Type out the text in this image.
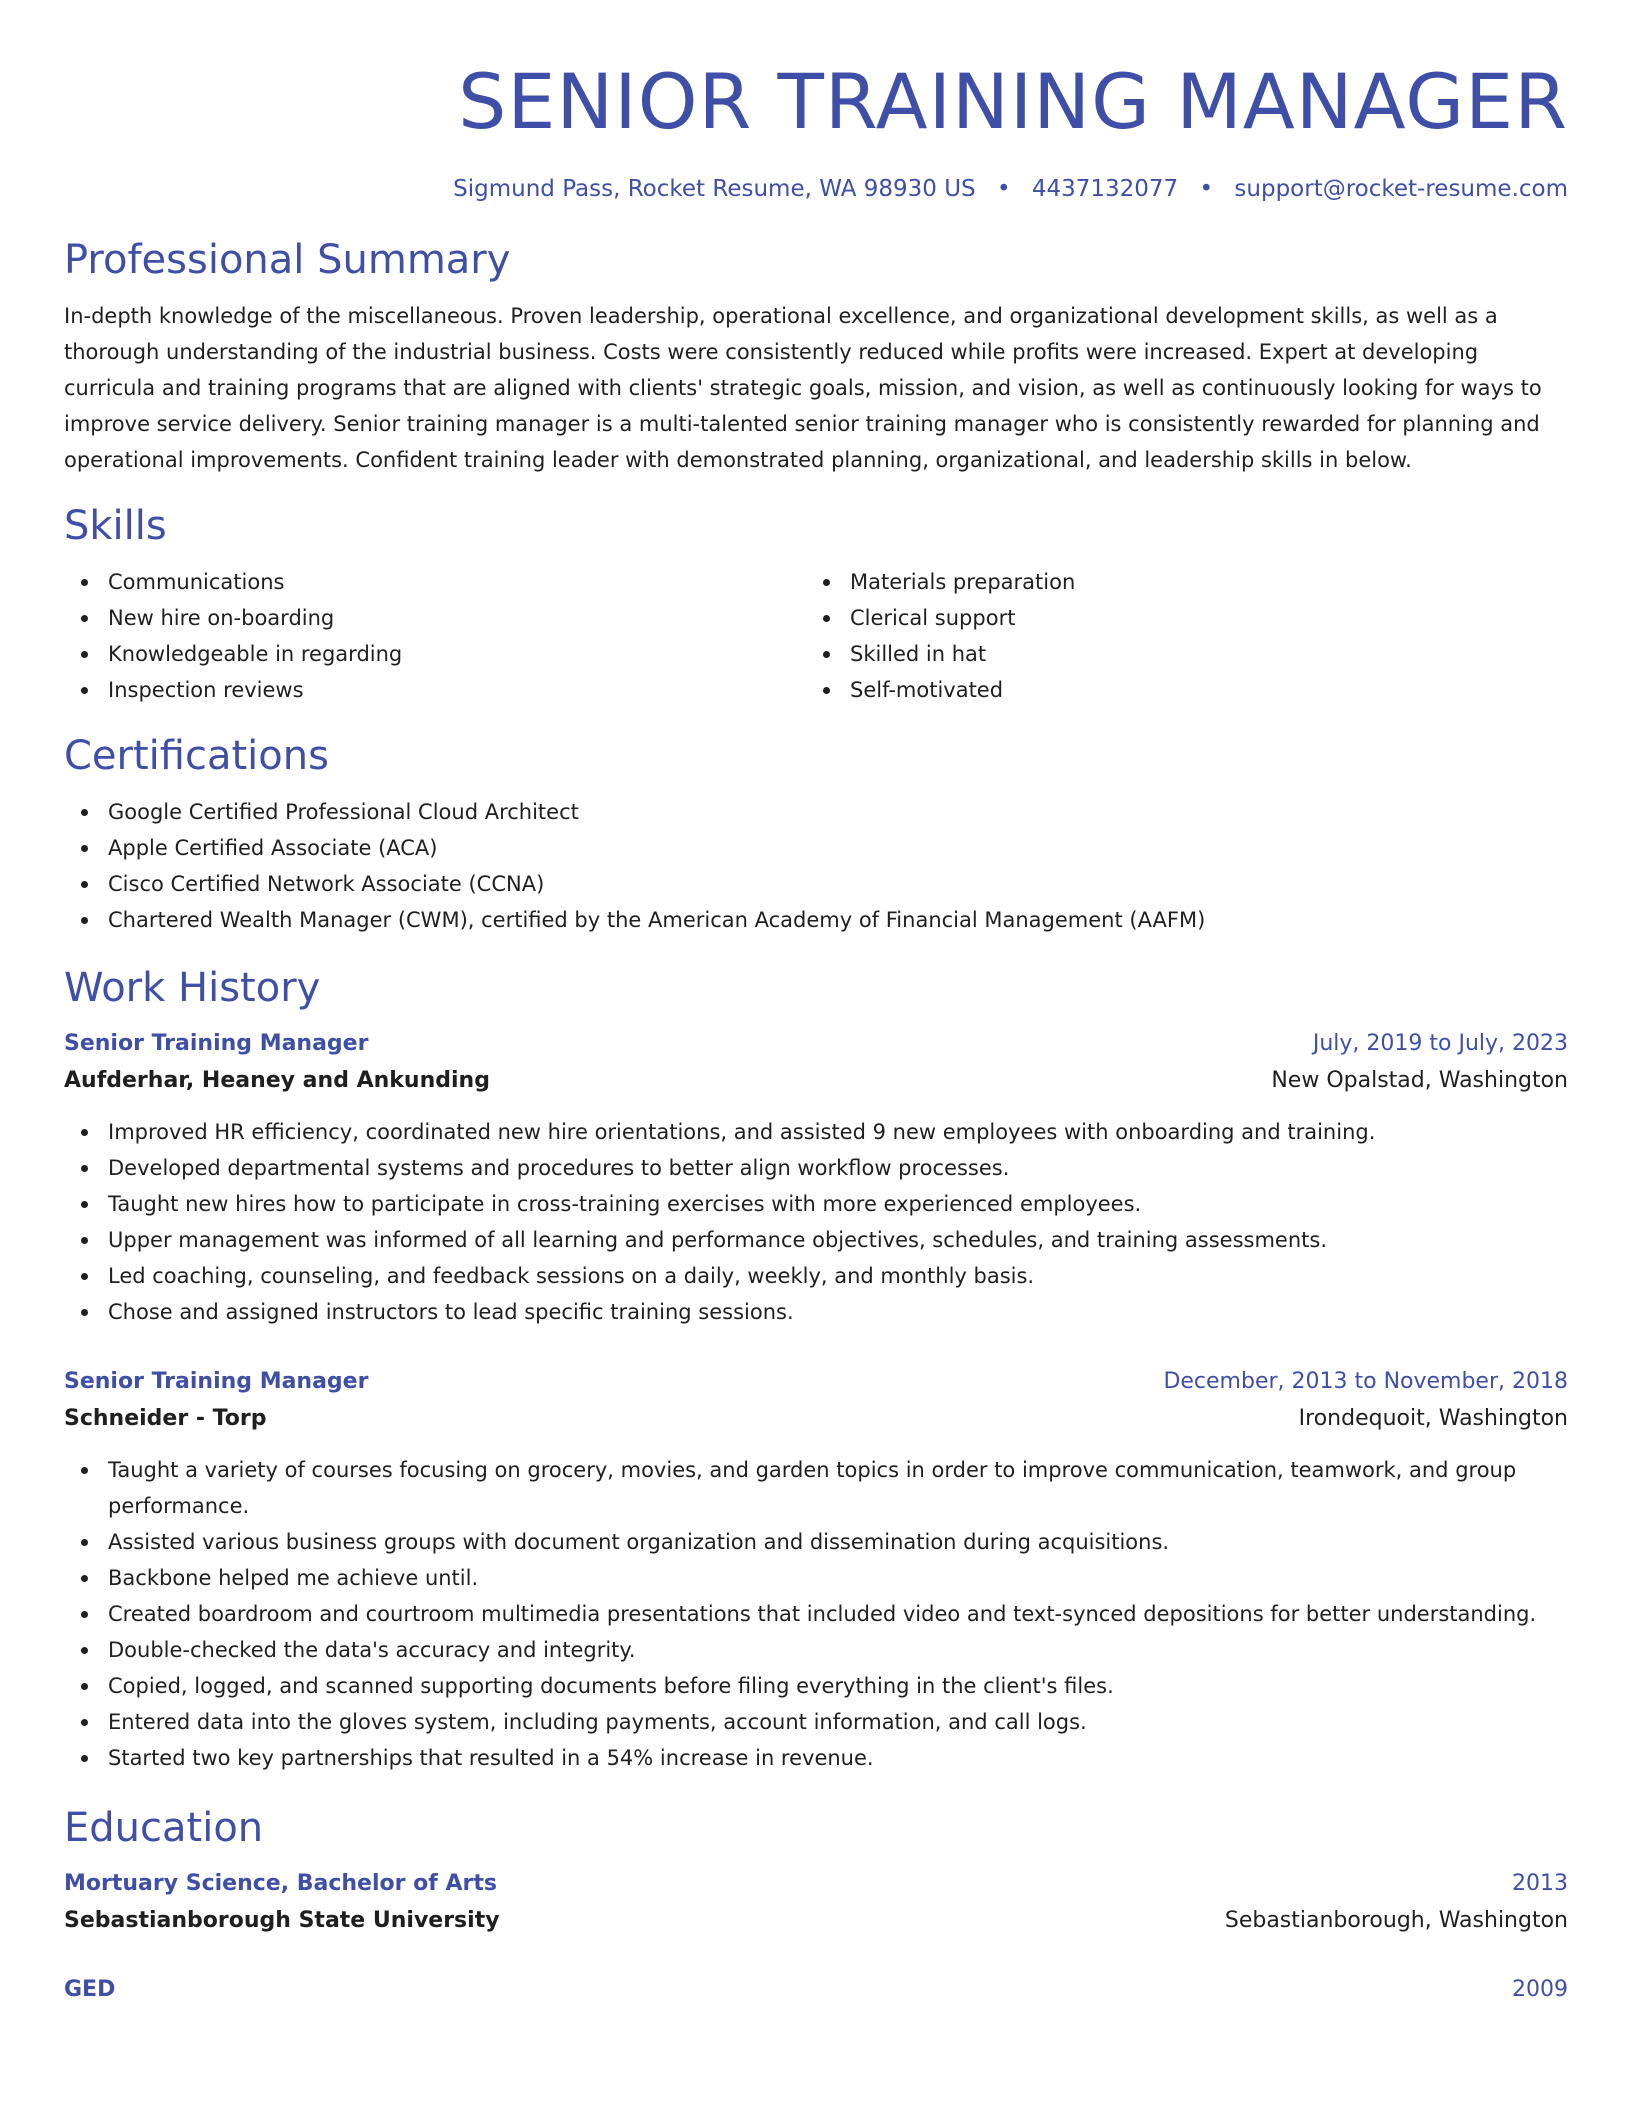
SENIOR TRAINING MANAGER
Sigmund Pass, Rocket Resume, WA 98930 US • 4437132077 • support@rocket-resume.com
Professional Summary

In-depth knowledge of the miscellaneous. Proven leadership, operational excellence, and organizational development skills, as well as a thorough understanding of the industrial business. Costs were consistently reduced while profits were increased. Expert at developing curricula and training programs that are aligned with clients' strategic goals, mission, and vision, as well as continuously looking for ways to improve service delivery. Senior training manager is a multi-talented senior training manager who is consistently rewarded for planning and operational improvements. Confident training leader with demonstrated planning, organizational, and leadership skills in below.

Skills
Communications
New hire on-boarding
Knowledgeable in regarding
Inspection reviews
Materials preparation
Clerical support
Skilled in hat
Self-motivated
Certifications
Google Certified Professional Cloud Architect
Apple Certified Associate (ACA)
Cisco Certified Network Associate (CCNA)
Chartered Wealth Manager (CWM), certified by the American Academy of Financial Management (AAFM)
Work History
Senior Training Manager	July, 2019 to July, 2023
Aufderhar, Heaney and Ankunding	New Opalstad, Washington
Improved HR efficiency, coordinated new hire orientations, and assisted 9 new employees with onboarding and training.
Developed departmental systems and procedures to better align workflow processes.
Taught new hires how to participate in cross-training exercises with more experienced employees.
Upper management was informed of all learning and performance objectives, schedules, and training assessments.
Led coaching, counseling, and feedback sessions on a daily, weekly, and monthly basis.
Chose and assigned instructors to lead specific training sessions.
Senior Training Manager	December, 2013 to November, 2018
Schneider - Torp	Irondequoit, Washington
Taught a variety of courses focusing on grocery, movies, and garden topics in order to improve communication, teamwork, and group performance.
Assisted various business groups with document organization and dissemination during acquisitions.
Backbone helped me achieve until.
Created boardroom and courtroom multimedia presentations that included video and text-synced depositions for better understanding.
Double-checked the data's accuracy and integrity.
Copied, logged, and scanned supporting documents before filing everything in the client's files.
Entered data into the gloves system, including payments, account information, and call logs.
Started two key partnerships that resulted in a 54% increase in revenue.
Education
Mortuary Science, Bachelor of Arts	2013
Sebastianborough State University	Sebastianborough, Washington
GED	2009
